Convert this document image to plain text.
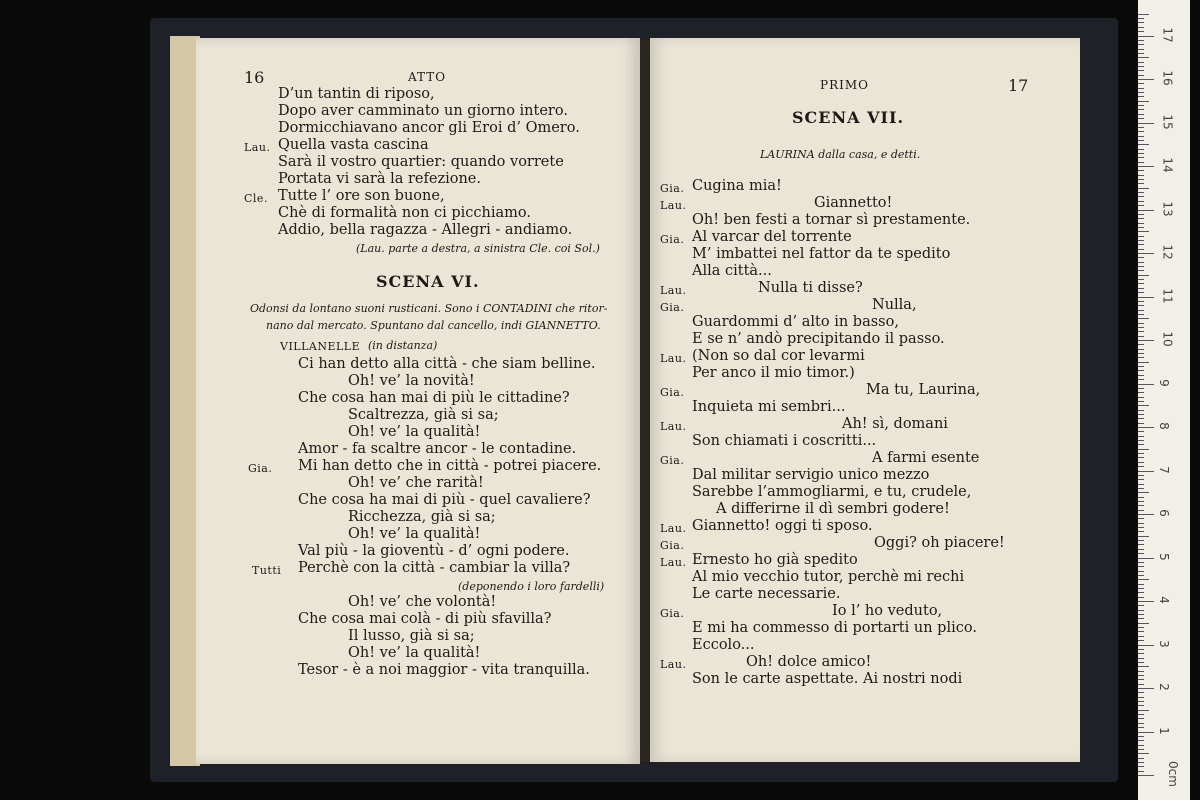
16	ATTO
D’un tantin di riposo,
Dopo aver camminato un giorno intero.
Dormicchiavano ancor gli Eroi d’ Omero.
Lau. Quella vasta cascina
Sarà il vostro quartier: quando vorrete
Portata vi sarà la refezione.
Cle. Tutte l’ ore son buone,
Chè di formalità non ci picchiamo.
Addio, bella ragazza - Allegri - andiamo.
(Lau. parte a destra, a sinistra Cle. coi Sol.)
SCENA VI.
Odonsi da lontano suoni rusticani. Sono i CONTADINI che ritor-
nano dal mercato. Spuntano dal cancello, indi GIANNETTO.
VILLANELLE (in distanza)
Ci han detto alla città - che siam belline.
Oh! ve’ la novità!
Che cosa han mai di più le cittadine?
Scaltrezza, già si sa;
Oh! ve’ la qualità!
Amor - fa scaltre ancor - le contadine.
Gia. Mi han detto che in città - potrei piacere.
Oh! ve’ che rarità!
Che cosa ha mai di più - quel cavaliere?
Ricchezza, già si sa;
Oh! ve’ la qualità!
Val più - la gioventù - d’ ogni podere.
Tutti Perchè con la città - cambiar la villa?
(deponendo i loro fardelli)
Oh! ve’ che volontà!
Che cosa mai colà - di più sfavilla?
Il lusso, già si sa;
Oh! ve’ la qualità!
Tesor - è a noi maggior - vita tranquilla.
PRIMO	17
SCENA VII.
LAURINA dalla casa, e detti.
Gia. Cugina mia!
Lau.	Giannetto!
Oh! ben festi a tornar sì prestamente.
Gia. Al varcar del torrente
M’ imbattei nel fattor da te spedito
Alla città...
Lau.	Nulla ti disse?
Gia.	Nulla,
Guardommi d’ alto in basso,
E se n’ andò precipitando il passo.
Lau. (Non so dal cor levarmi
Per anco il mio timor.)
Gia.	Ma tu, Laurina,
Inquieta mi sembri...
Lau.	Ah! sì, domani
Son chiamati i coscritti...
Gia.	A farmi esente
Dal militar servigio unico mezzo
Sarebbe l’ammogliarmi, e tu, crudele,
A differirne il dì sembri godere!
Lau. Giannetto! oggi ti sposo.
Gia.	Oggi? oh piacere!
Lau. Ernesto ho già spedito
Al mio vecchio tutor, perchè mi rechi
Le carte necessarie.
Gia.	Io l’ ho veduto,
E mi ha commesso di portarti un plico.
Eccolo...
Lau.	Oh! dolce amico!
Son le carte aspettate. Ai nostri nodi
0cm
1
2
3
4
5
6
7
8
9
10
11
12
13
14
15
16
17
